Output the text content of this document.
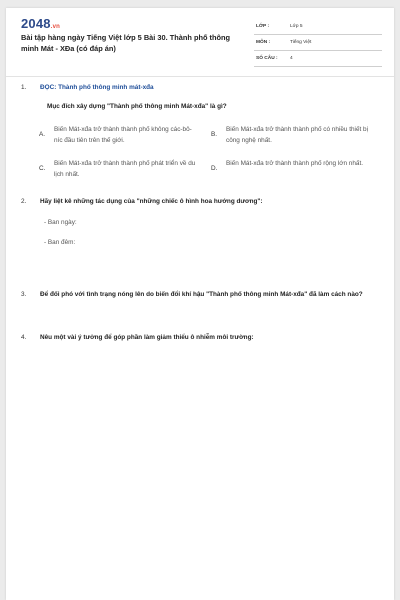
2048.vn
Bài tập hàng ngày Tiếng Việt lớp 5 Bài 30. Thành phố thông minh Mát - XĐa (có đáp án)
LỚP :	Lớp 5
MÔN :	Tiếng Việt
SỐ CÂU :	4
1. ĐỌC: Thành phố thông minh mát-xđa
Mục đích xây dựng "Thành phố thông minh Mát-xđa" là gì?
A.
Biến Mát-xđa trở thành thành phố không các-bô-níc đầu tiên trên thế giới.
B.
Biến Mát-xđa trở thành thành phố có nhiều thiết bị công nghệ nhất.
C.
Biến Mát-xđa trở thành thành phố phát triển về du lịch nhất.
D.
Biến Mát-xđa trở thành thành phố rộng lớn nhất.
2. Hãy liệt kê những tác dụng của "những chiếc ô hình hoa hướng dương":
- Ban ngày:
- Ban đêm:
3. Để đối phó với tình trạng nóng lên do biến đổi khí hậu "Thành phố thông minh Mát-xđa" đã làm cách nào?
4. Nêu một vài ý tưởng để góp phần làm giảm thiểu ô nhiễm môi trường:
